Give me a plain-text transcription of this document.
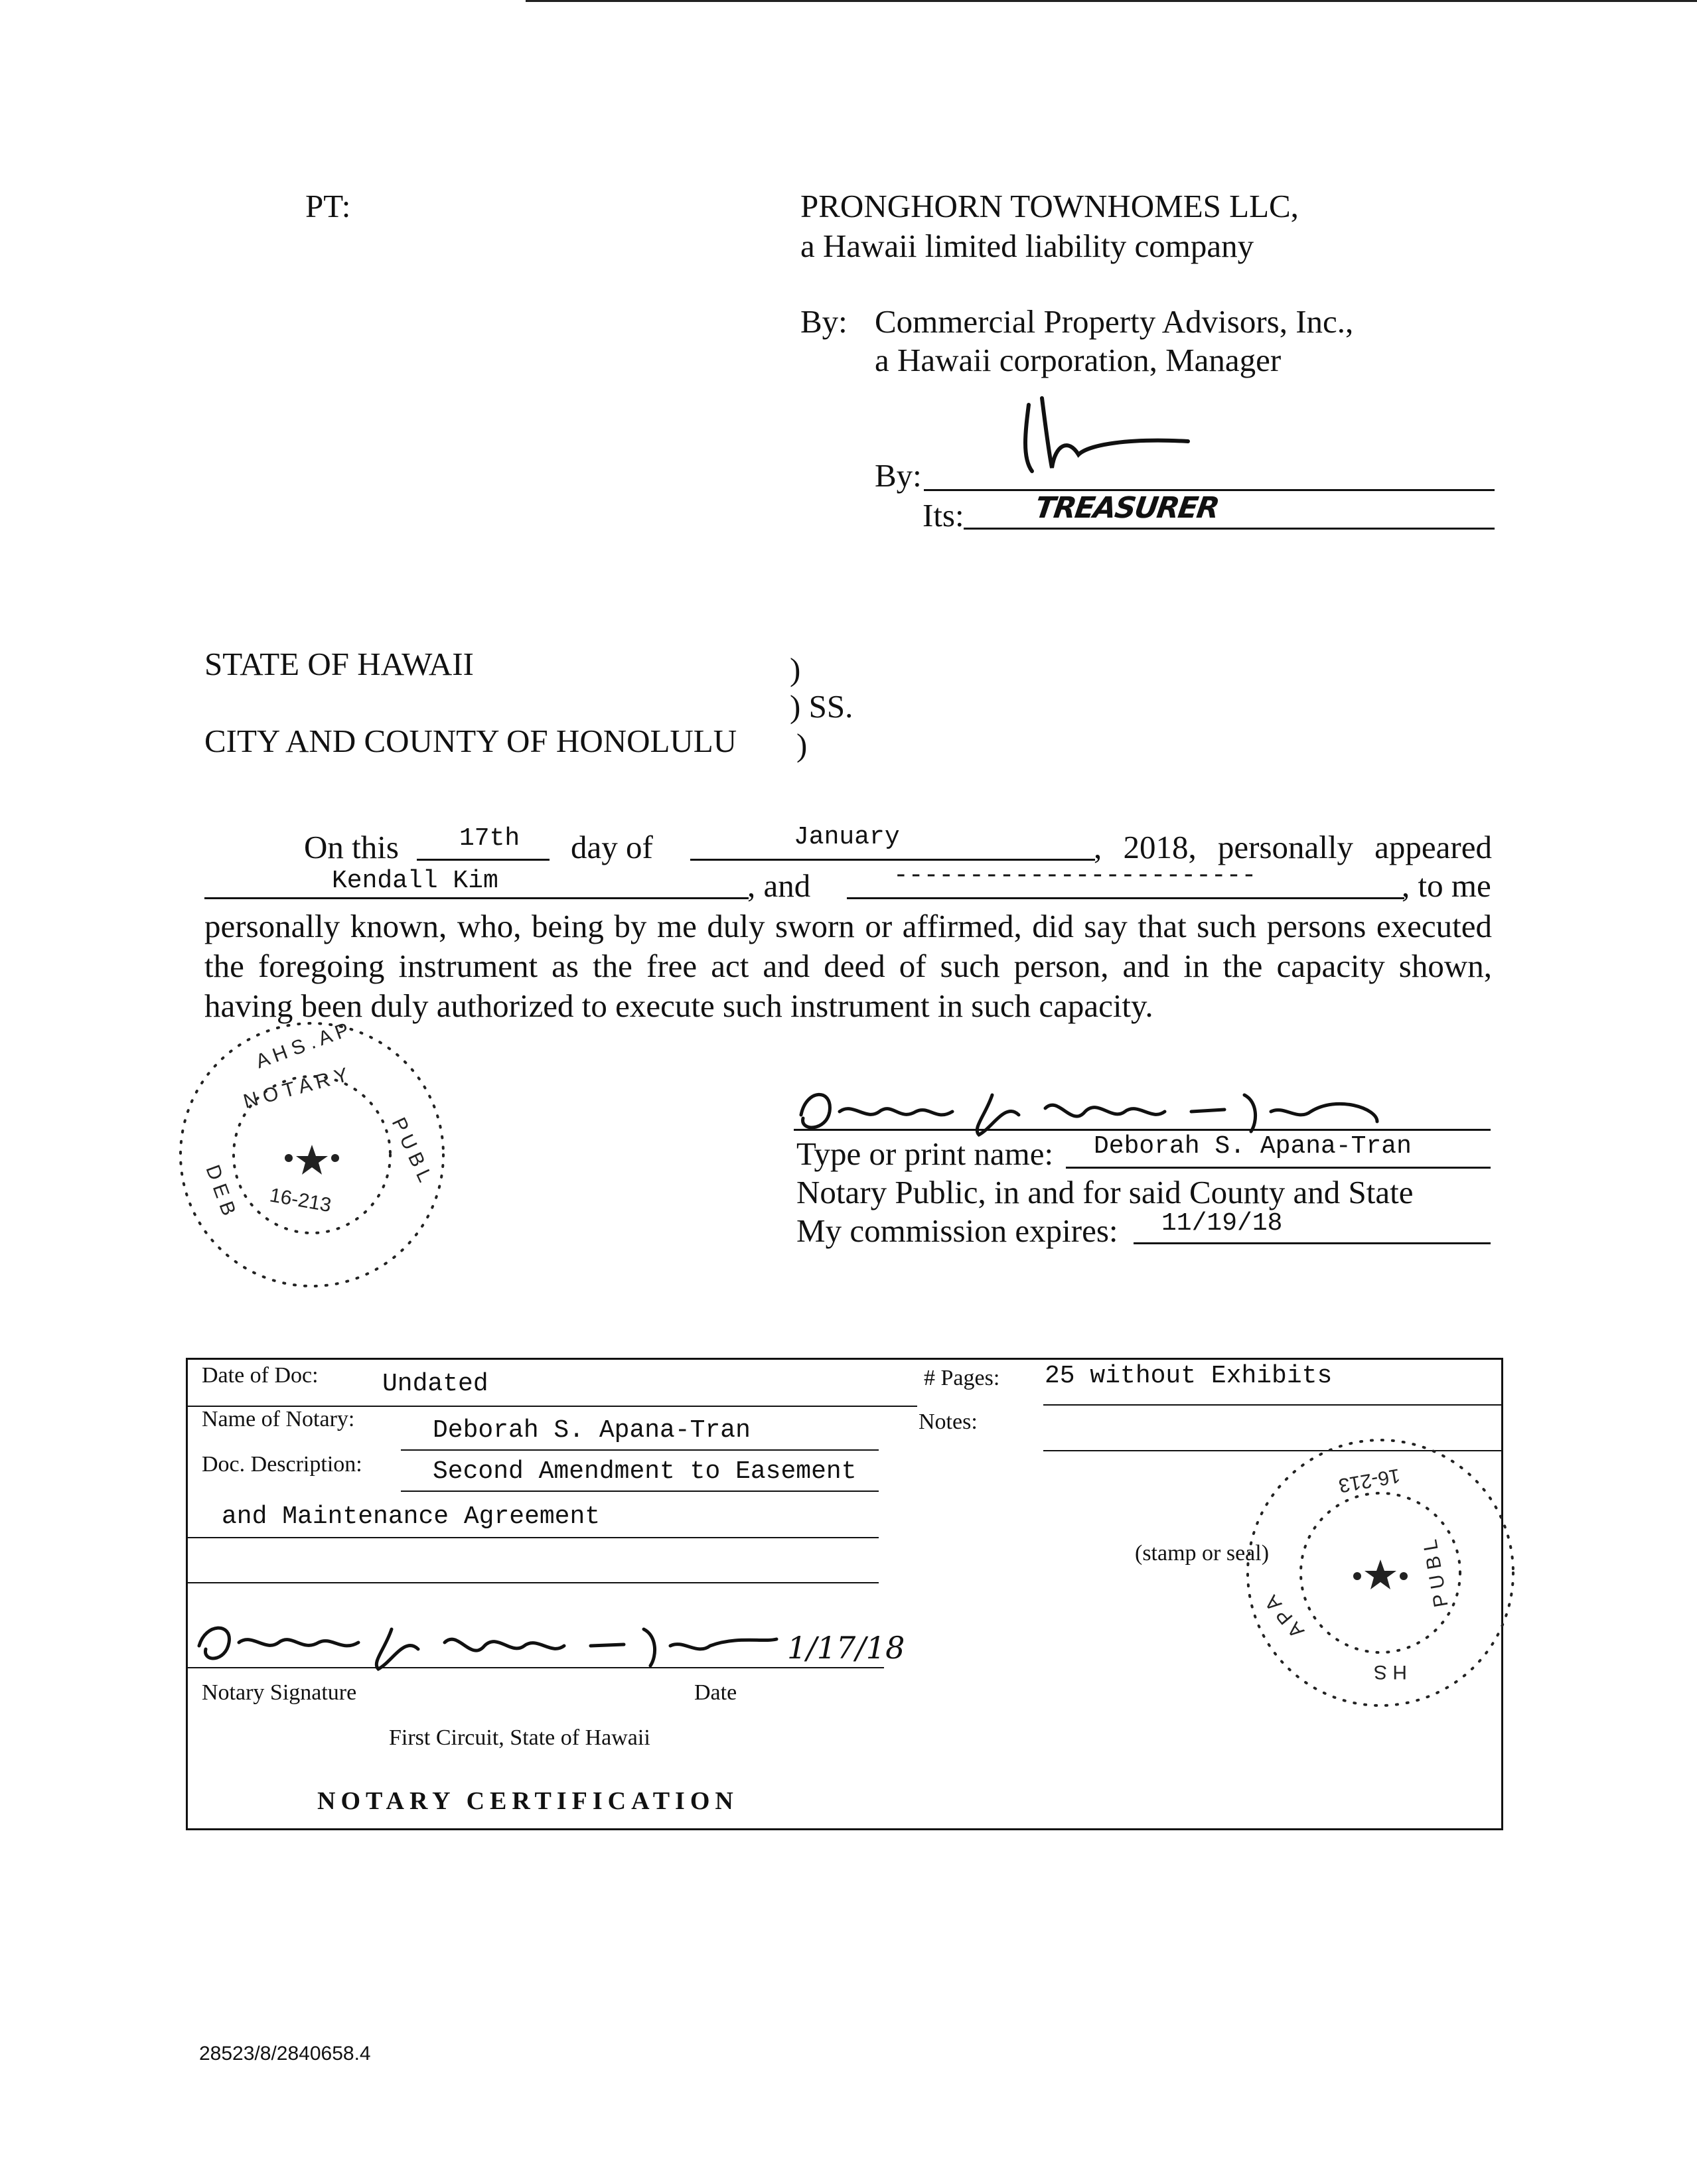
PT:	PRONGHORN TOWNHOMES LLC,
a Hawaii limited liability company
By: Commercial Property Advisors, Inc.,
a Hawaii corporation, Manager
By:
Its: TREASURER
STATE OF HAWAII
CITY AND COUNTY OF HONOLULU
)
) SS.
)
On this 17th day of	January	, 2018, personally appeared
Kendall Kim	, and	------------------------	, to me
personally known, who, being by me duly sworn or affirmed, did say that such persons executed the foregoing instrument as the free act and deed of such person, and in the capacity shown, having been duly authorized to execute such instrument in such capacity.
A H S . A P
N O T A R Y
16-213
D E B
P U B L	Type or print name: Deborah S. Apana-Tran
Notary Public, in and for said County and State
My commission expires: 11/19/18
Date of Doc:	Undated	# Pages: 25 without Exhibits
Name of Notary:	Deborah S. Apana-Tran	Notes:
Doc. Description:	Second Amendment to Easement
and Maintenance Agreement
(stamp or seal)
1/17/18
Notary Signature	Date
First Circuit, State of Hawaii
NOTARY CERTIFICATION
16-213
H S
P U B L
A P A
28523/8/2840658.4
